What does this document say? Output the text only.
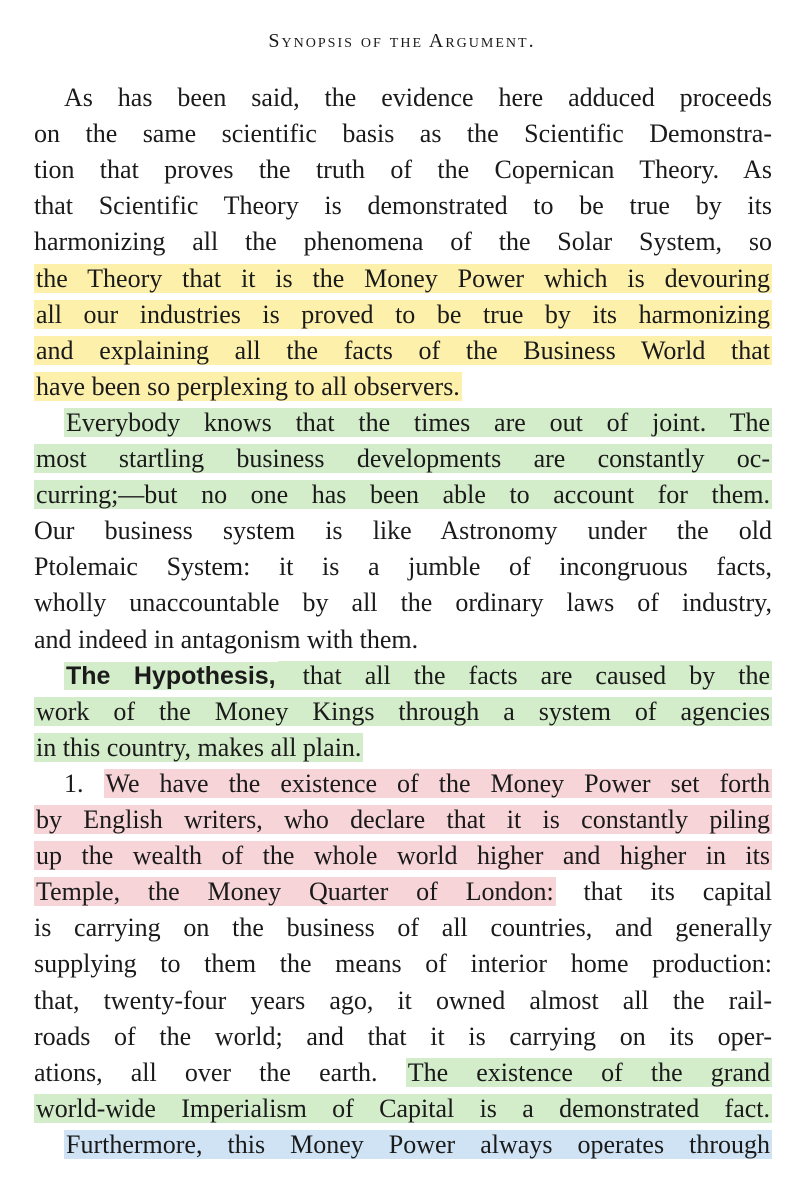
Synopsis of the Argument.
As has been said, the evidence here adduced proceeds
on the same scientific basis as the Scientific Demonstra-
tion that proves the truth of the Copernican Theory. As
that Scientific Theory is demonstrated to be true by its
harmonizing all the phenomena of the Solar System, so
the Theory that it is the Money Power which is devouring
all our industries is proved to be true by its harmonizing
and explaining all the facts of the Business World that
have been so perplexing to all observers.
Everybody knows that the times are out of joint. The
most startling business developments are constantly oc-
curring;—but no one has been able to account for them.
Our business system is like Astronomy under the old
Ptolemaic System: it is a jumble of incongruous facts,
wholly unaccountable by all the ordinary laws of industry,
and indeed in antagonism with them.
The Hypothesis, that all the facts are caused by the
work of the Money Kings through a system of agencies
in this country, makes all plain.
1. We have the existence of the Money Power set forth
by English writers, who declare that it is constantly piling
up the wealth of the whole world higher and higher in its
Temple, the Money Quarter of London: that its capital
is carrying on the business of all countries, and generally
supplying to them the means of interior home production:
that, twenty-four years ago, it owned almost all the rail-
roads of the world; and that it is carrying on its oper-
ations, all over the earth. The existence of the grand
world-wide Imperialism of Capital is a demonstrated fact.
Furthermore, this Money Power always operates through
